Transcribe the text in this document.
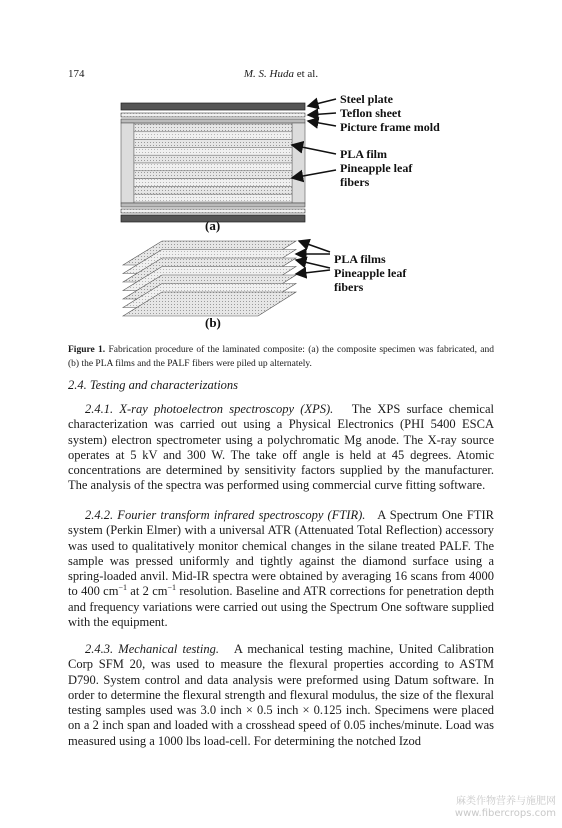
174	M. S. Huda et al.
Steel plate
Teflon sheet
Picture frame mold
PLA film
Pineapple leaf
fibers
(a)
PLA films
Pineapple leaf
fibers
(b)
Figure 1. Fabrication procedure of the laminated composite: (a) the composite specimen was fabricated, and (b) the PLA films and the PALF fibers were piled up alternately.
2.4. Testing and characterizations
2.4.1. X-ray photoelectron spectroscopy (XPS). The XPS surface chemical characterization was carried out using a Physical Electronics (PHI 5400 ESCA system) electron spectrometer using a polychromatic Mg anode. The X-ray source operates at 5 kV and 300 W. The take off angle is held at 45 degrees. Atomic concentrations are determined by sensitivity factors supplied by the manufacturer. The analysis of the spectra was performed using commercial curve fitting software.
2.4.2. Fourier transform infrared spectroscopy (FTIR). A Spectrum One FTIR system (Perkin Elmer) with a universal ATR (Attenuated Total Reflection) accessory was used to qualitatively monitor chemical changes in the silane treated PALF. The sample was pressed uniformly and tightly against the diamond surface using a spring-loaded anvil. Mid-IR spectra were obtained by averaging 16 scans from 4000 to 400 $cm^{-1}$ at 2 $cm^{-1}$ resolution. Baseline and ATR corrections for penetration depth and frequency variations were carried out using the Spectrum One software supplied with the equipment.
2.4.3. Mechanical testing. A mechanical testing machine, United Calibration Corp SFM 20, was used to measure the flexural properties according to ASTM D790. System control and data analysis were preformed using Datum software. In order to determine the flexural strength and flexural modulus, the size of the flexural testing samples used was 3.0 inch × 0.5 inch × 0.125 inch. Specimens were placed on a 2 inch span and loaded with a crosshead speed of 0.05 inches/minute. Load was measured using a 1000 lbs load-cell. For determining the notched Izod
麻类作物营养与施肥网
www.fibercrops.com
